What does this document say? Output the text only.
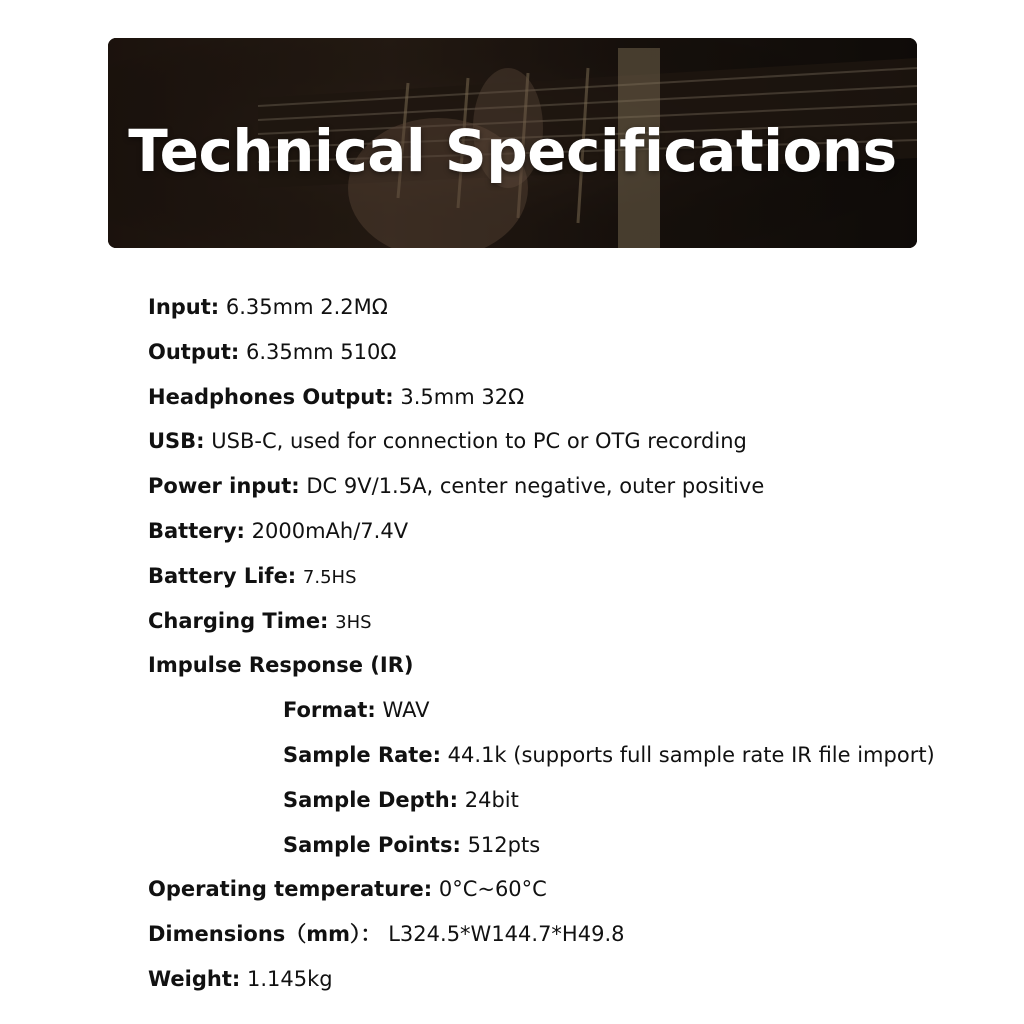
Technical Specifications
Input: 6.35mm 2.2MΩ
Output: 6.35mm 510Ω
Headphones Output: 3.5mm 32Ω
USB: USB-C, used for connection to PC or OTG recording
Power input: DC 9V/1.5A, center negative, outer positive
Battery: 2000mAh/7.4V
Battery Life: 7.5HS
Charging Time: 3HS
Impulse Response (IR)
Format: WAV
Sample Rate: 44.1k (supports full sample rate IR file import)
Sample Depth: 24bit
Sample Points: 512pts
Operating temperature: 0°C~60°C
Dimensions（mm）： L324.5*W144.7*H49.8
Weight: 1.145kg
